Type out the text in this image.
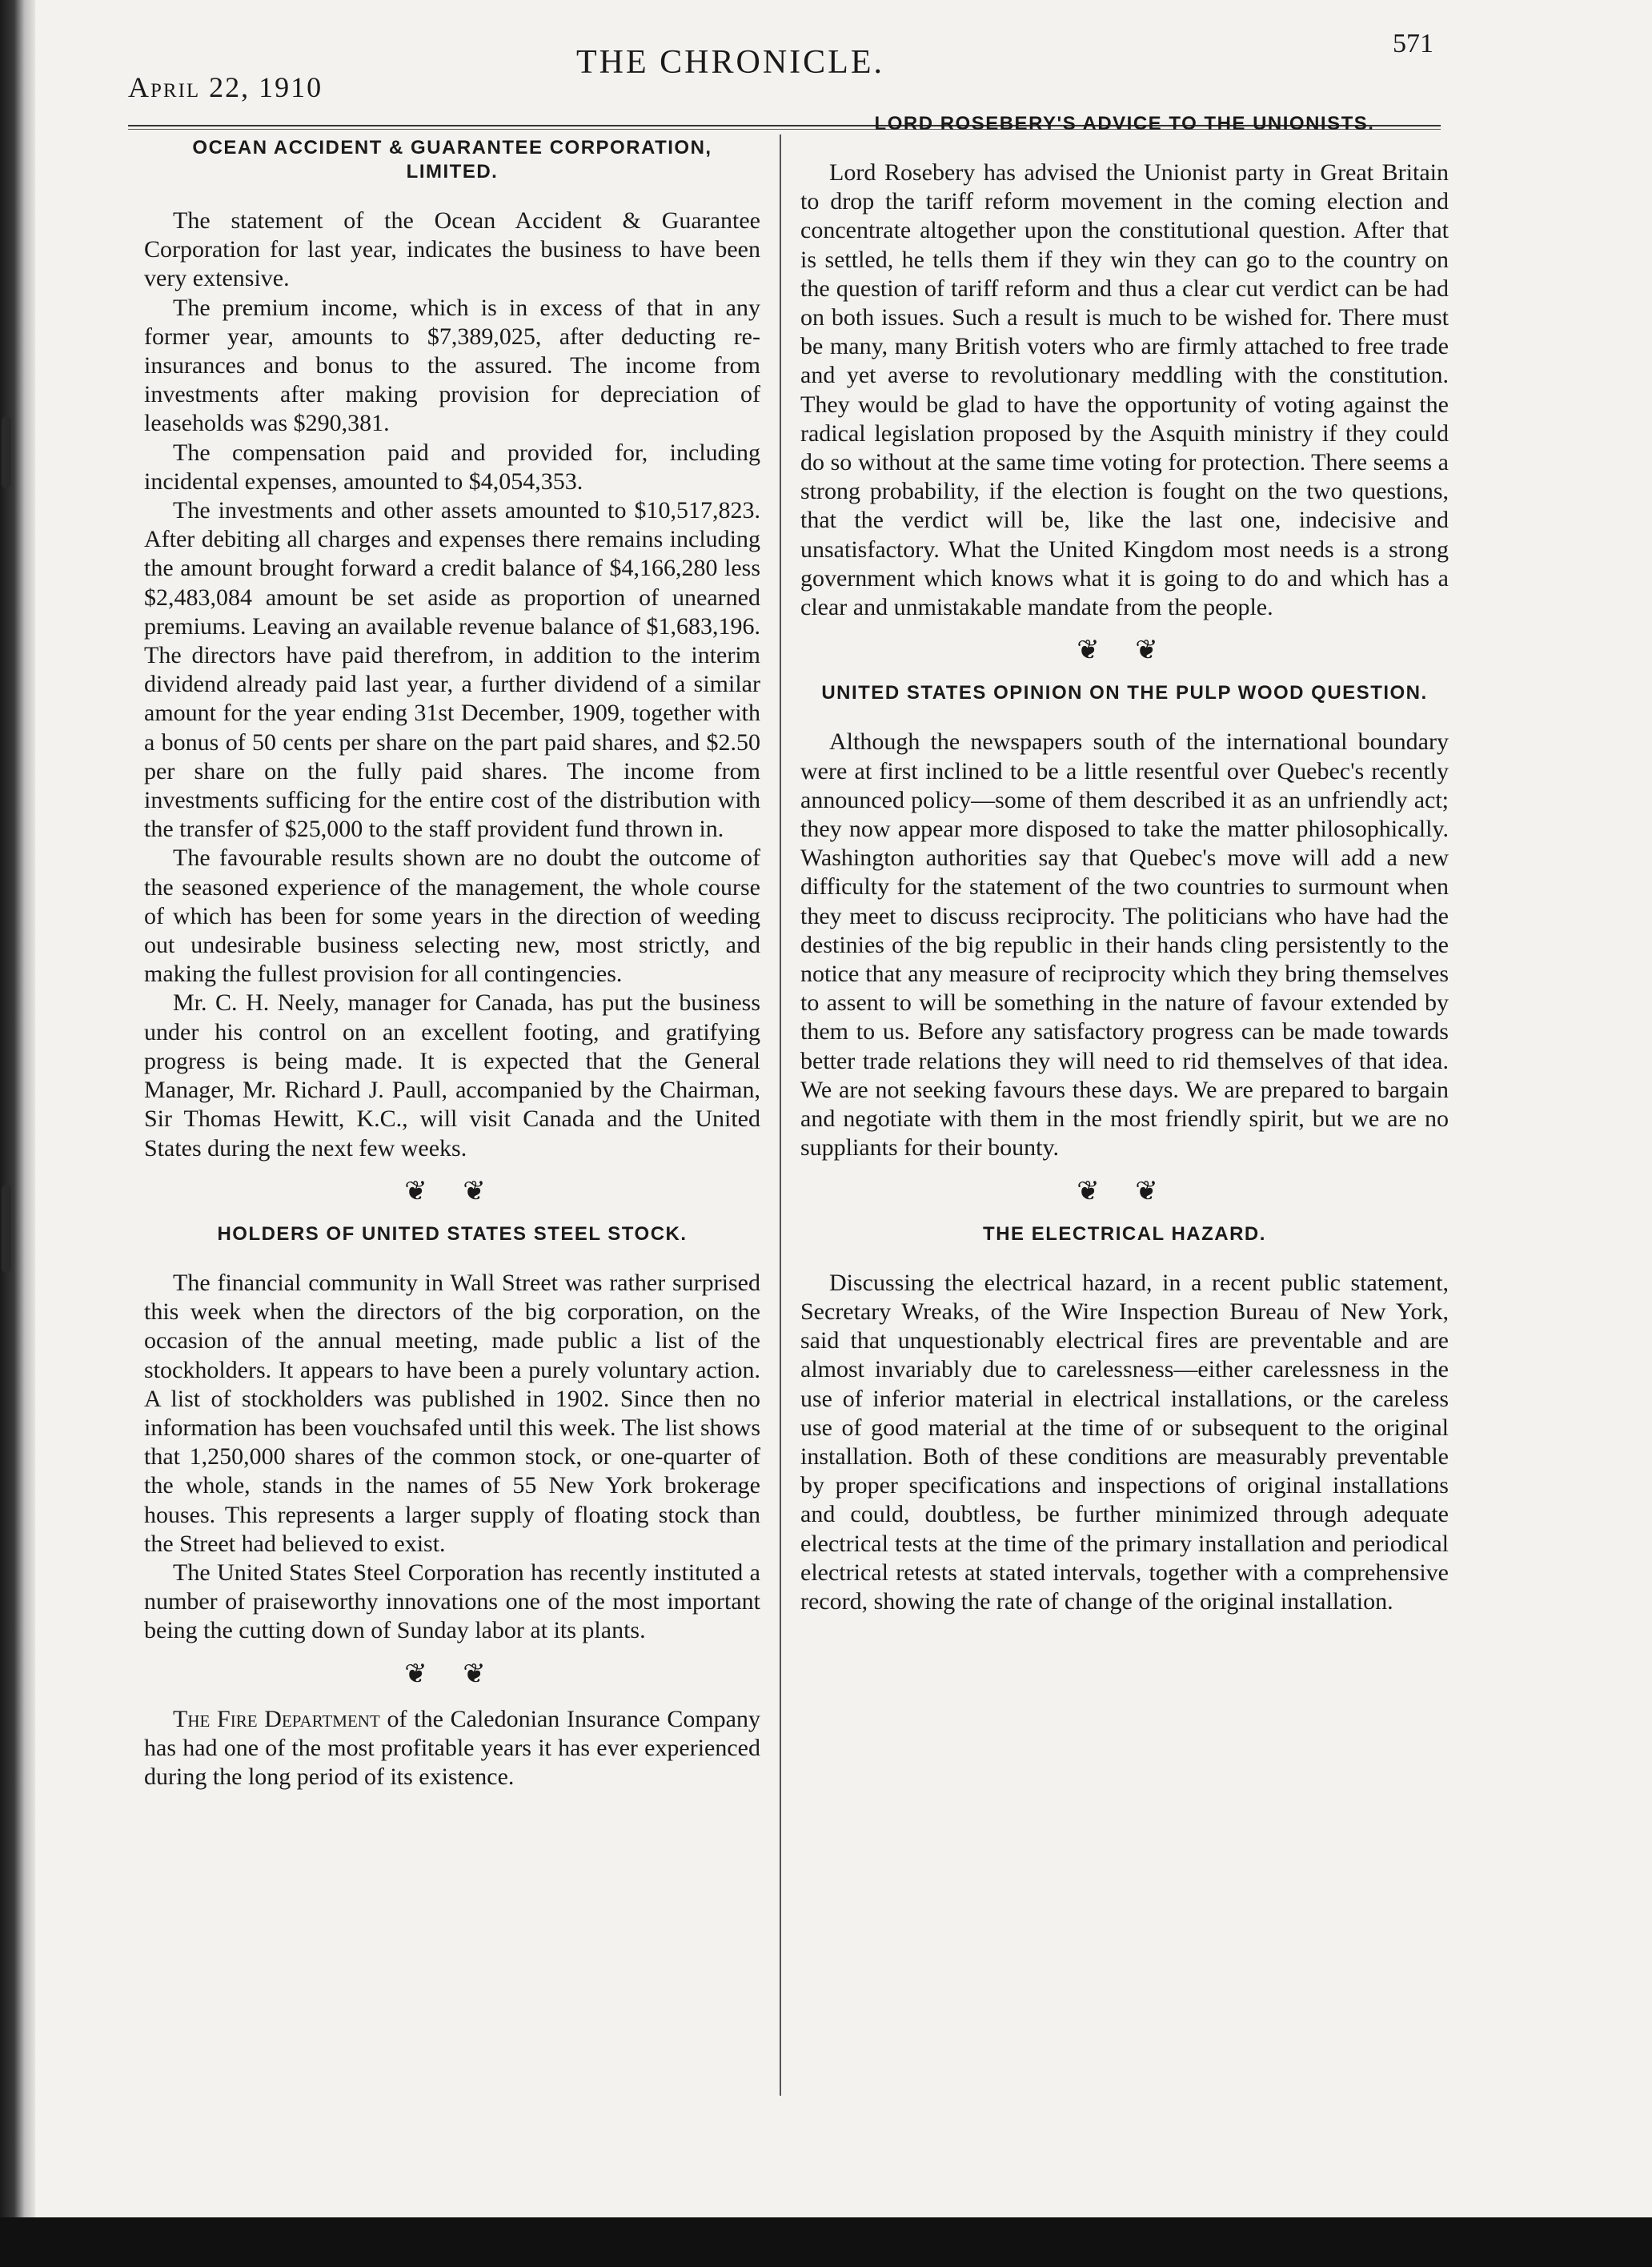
April 22, 1910
THE CHRONICLE.
571
OCEAN ACCIDENT & GUARANTEE CORPORATION, LIMITED.

The statement of the Ocean Accident & Guarantee Corporation for last year, indicates the business to have been very extensive.

The premium income, which is in excess of that in any former year, amounts to $7,389,025, after deducting re-insurances and bonus to the assured. The income from investments after making provision for depreciation of leaseholds was $290,381.

The compensation paid and provided for, including incidental expenses, amounted to $4,054,353.

The investments and other assets amounted to $10,517,823. After debiting all charges and expenses there remains including the amount brought forward a credit balance of $4,166,280 less $2,483,084 amount be set aside as proportion of unearned premiums. Leaving an available revenue balance of $1,683,196. The directors have paid therefrom, in addition to the interim dividend already paid last year, a further dividend of a similar amount for the year ending 31st December, 1909, together with a bonus of 50 cents per share on the part paid shares, and $2.50 per share on the fully paid shares. The income from investments sufficing for the entire cost of the distribution with the transfer of $25,000 to the staff provident fund thrown in.

The favourable results shown are no doubt the outcome of the seasoned experience of the management, the whole course of which has been for some years in the direction of weeding out undesirable business selecting new, most strictly, and making the fullest provision for all contingencies.

Mr. C. H. Neely, manager for Canada, has put the business under his control on an excellent footing, and gratifying progress is being made. It is expected that the General Manager, Mr. Richard J. Paull, accompanied by the Chairman, Sir Thomas Hewitt, K.C., will visit Canada and the United States during the next few weeks.

❦ ❦
HOLDERS OF UNITED STATES STEEL STOCK.

The financial community in Wall Street was rather surprised this week when the directors of the big corporation, on the occasion of the annual meeting, made public a list of the stockholders. It appears to have been a purely voluntary action. A list of stockholders was published in 1902. Since then no information has been vouchsafed until this week. The list shows that 1,250,000 shares of the common stock, or one-quarter of the whole, stands in the names of 55 New York brokerage houses. This represents a larger supply of floating stock than the Street had believed to exist.

The United States Steel Corporation has recently instituted a number of praiseworthy innovations one of the most important being the cutting down of Sunday labor at its plants.

❦ ❦

The Fire Department of the Caledonian Insurance Company has had one of the most profitable years it has ever experienced during the long period of its existence.

LORD ROSEBERY'S ADVICE TO THE UNIONISTS.

Lord Rosebery has advised the Unionist party in Great Britain to drop the tariff reform movement in the coming election and concentrate altogether upon the constitutional question. After that is settled, he tells them if they win they can go to the country on the question of tariff reform and thus a clear cut verdict can be had on both issues. Such a result is much to be wished for. There must be many, many British voters who are firmly attached to free trade and yet averse to revolutionary meddling with the constitution. They would be glad to have the opportunity of voting against the radical legislation proposed by the Asquith ministry if they could do so without at the same time voting for protection. There seems a strong probability, if the election is fought on the two questions, that the verdict will be, like the last one, indecisive and unsatisfactory. What the United Kingdom most needs is a strong government which knows what it is going to do and which has a clear and unmistakable mandate from the people.

❦ ❦
UNITED STATES OPINION ON THE PULP WOOD QUESTION.

Although the newspapers south of the international boundary were at first inclined to be a little resentful over Quebec's recently announced policy—some of them described it as an unfriendly act; they now appear more disposed to take the matter philosophically. Washington authorities say that Quebec's move will add a new difficulty for the statement of the two countries to surmount when they meet to discuss reciprocity. The politicians who have had the destinies of the big republic in their hands cling persistently to the notice that any measure of reciprocity which they bring themselves to assent to will be something in the nature of favour extended by them to us. Before any satisfactory progress can be made towards better trade relations they will need to rid themselves of that idea. We are not seeking favours these days. We are prepared to bargain and negotiate with them in the most friendly spirit, but we are no suppliants for their bounty.

❦ ❦
THE ELECTRICAL HAZARD.

Discussing the electrical hazard, in a recent public statement, Secretary Wreaks, of the Wire Inspection Bureau of New York, said that unquestionably electrical fires are preventable and are almost invariably due to carelessness—either carelessness in the use of inferior material in electrical installations, or the careless use of good material at the time of or subsequent to the original installation. Both of these conditions are measurably preventable by proper specifications and inspections of original installations and could, doubtless, be further minimized through adequate electrical tests at the time of the primary installation and periodical electrical retests at stated intervals, together with a comprehensive record, showing the rate of change of the original installation.
